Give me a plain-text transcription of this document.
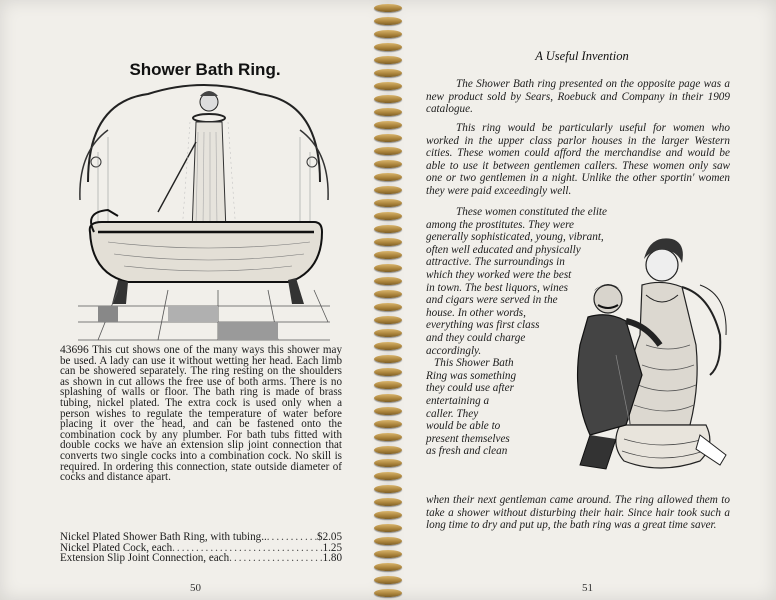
Shower Bath Ring.

43696 This cut shows one of the many ways this shower may be used. A lady can use it without wetting her head. Each limb can be showered separately. The ring resting on the shoulders as shown in cut allows the free use of both arms. There is no splashing of walls or floor. The bath ring is made of brass tubing, nickel plated. The extra cock is used only when a person wishes to regulate the temperature of water before placing it over the head, and can be fastened onto the combination cock by any plumber. For bath tubs fitted with double cocks we have an extension slip joint connection that converts two single cocks into a combination cock. No skill is required. In ordering this connection, state outside diameter of cocks and distance apart.

Nickel Plated Shower Bath Ring, with tubing.. .....	$2.05
Nickel Plated Cock, each .....	1.25
Extension Slip Joint Connection, each .....	1.80
50
A Useful Invention

The Shower Bath ring presented on the opposite page was a new product sold by Sears, Roebuck and Company in their 1909 catalogue.

This ring would be particularly useful for women who worked in the upper class parlor houses in the larger Western cities. These women could afford the merchandise and would be able to use it between gentlemen callers. These women only saw one or two gentlemen in a night. Unlike the other sportin' women they were paid exceedingly well.

These women constituted the elite
among the prostitutes. They were
generally sophisticated, young, vibrant,
often well educated and physically
attractive. The surroundings in
which they worked were the best
in town. The best liquors, wines
and cigars were served in the
house. In other words,
everything was first class
and they could charge
accordingly.
This Shower Bath
Ring was something
they could use after
entertaining a
caller. They
would be able to
present themselves
as fresh and clean

when their next gentleman came around. The ring allowed them to take a shower without disturbing their hair. Since hair took such a long time to dry and put up, the bath ring was a great time saver.

51
